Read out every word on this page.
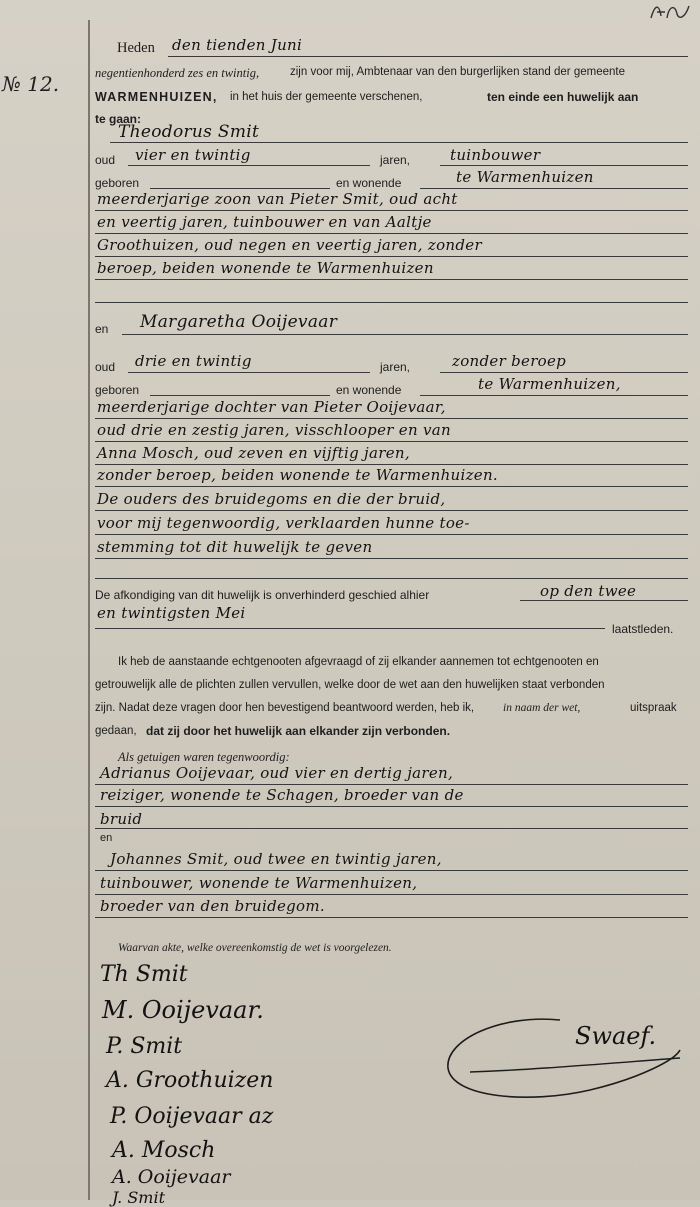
№ 12.
Heden den tienden Juni
negentienhonderd zes en twintig,	zijn voor mij, Ambtenaar van den burgerlijken stand der gemeente
WARMENHUIZEN, in het huis der gemeente verschenen,	ten einde een huwelijk aan
te gaan:
Theodorus Smit
oud vier en twintig	jaren,	tuinbouwer
geboren	en wonende	te Warmenhuizen
meerderjarige zoon van Pieter Smit, oud acht
en veertig jaren, tuinbouwer en van Aaltje
Groothuizen, oud negen en veertig jaren, zonder
beroep, beiden wonende te Warmenhuizen
en Margaretha Ooijevaar
oud drie en twintig	jaren,	zonder beroep
geboren	en wonende	te Warmenhuizen,
meerderjarige dochter van Pieter Ooijevaar,
oud drie en zestig jaren, visschlooper en van
Anna Mosch, oud zeven en vijftig jaren,
zonder beroep, beiden wonende te Warmenhuizen.
De ouders des bruidegoms en die der bruid,
voor mij tegenwoordig, verklaarden hunne toe-
stemming tot dit huwelijk te geven
De afkondiging van dit huwelijk is onverhinderd geschied alhier	op den twee
en twintigsten Mei
laatstleden.
Ik heb de aanstaande echtgenooten afgevraagd of zij elkander aannemen tot echtgenooten en
getrouwelijk alle de plichten zullen vervullen, welke door de wet aan den huwelijken staat verbonden
zijn. Nadat deze vragen door hen bevestigend beantwoord werden, heb ik,	in naam der wet,	uitspraak
gedaan, dat zij door het huwelijk aan elkander zijn verbonden.
Als getuigen waren tegenwoordig:
Adrianus Ooijevaar, oud vier en dertig jaren,
reiziger, wonende te Schagen, broeder van de
bruid
en
Johannes Smit, oud twee en twintig jaren,
tuinbouwer, wonende te Warmenhuizen,
broeder van den bruidegom.
Waarvan akte, welke overeenkomstig de wet is voorgelezen.
Th Smit
M. Ooijevaar.
P. Smit
A. Groothuizen
P. Ooijevaar az
A. Mosch
A. Ooijevaar
J. Smit
Swaef.
